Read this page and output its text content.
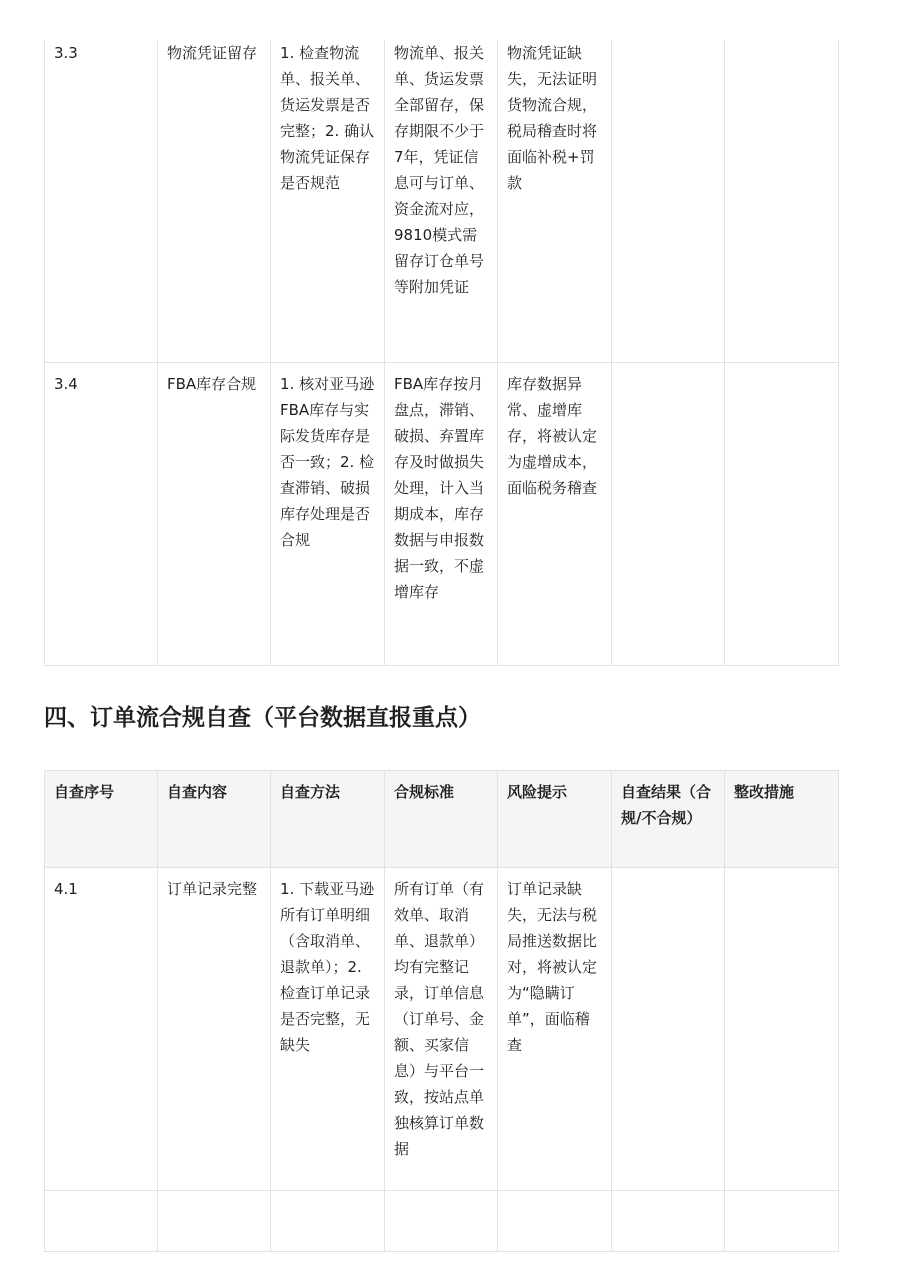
3.3	物流凭证留存	1. 检查物流单、报关单、货运发票是否完整；2. 确认物流凭证保存是否规范	物流单、报关单、货运发票全部留存，保存期限不少于7年，凭证信息可与订单、资金流对应，9810模式需留存订仓单号等附加凭证	物流凭证缺失，无法证明货物流合规，税局稽查时将面临补税+罚款		
3.4	FBA库存合规	1. 核对亚马逊FBA库存与实际发货库存是否一致；2. 检查滞销、破损库存处理是否合规	FBA库存按月盘点，滞销、破损、弃置库存及时做损失处理，计入当期成本，库存数据与申报数据一致，不虚增库存	库存数据异常、虚增库存，将被认定为虚增成本，面临税务稽查		
四、订单流合规自查（平台数据直报重点）
自查序号	自查内容	自查方法	合规标准	风险提示	自查结果（合规/不合规）	整改措施
4.1	订单记录完整	1. 下载亚马逊所有订单明细（含取消单、退款单）；2. 检查订单记录是否完整，无缺失	所有订单（有效单、取消单、退款单）均有完整记录，订单信息（订单号、金额、买家信息）与平台一致，按站点单独核算订单数据	订单记录缺失，无法与税局推送数据比对，将被认定为“隐瞒订单”，面临稽查		
